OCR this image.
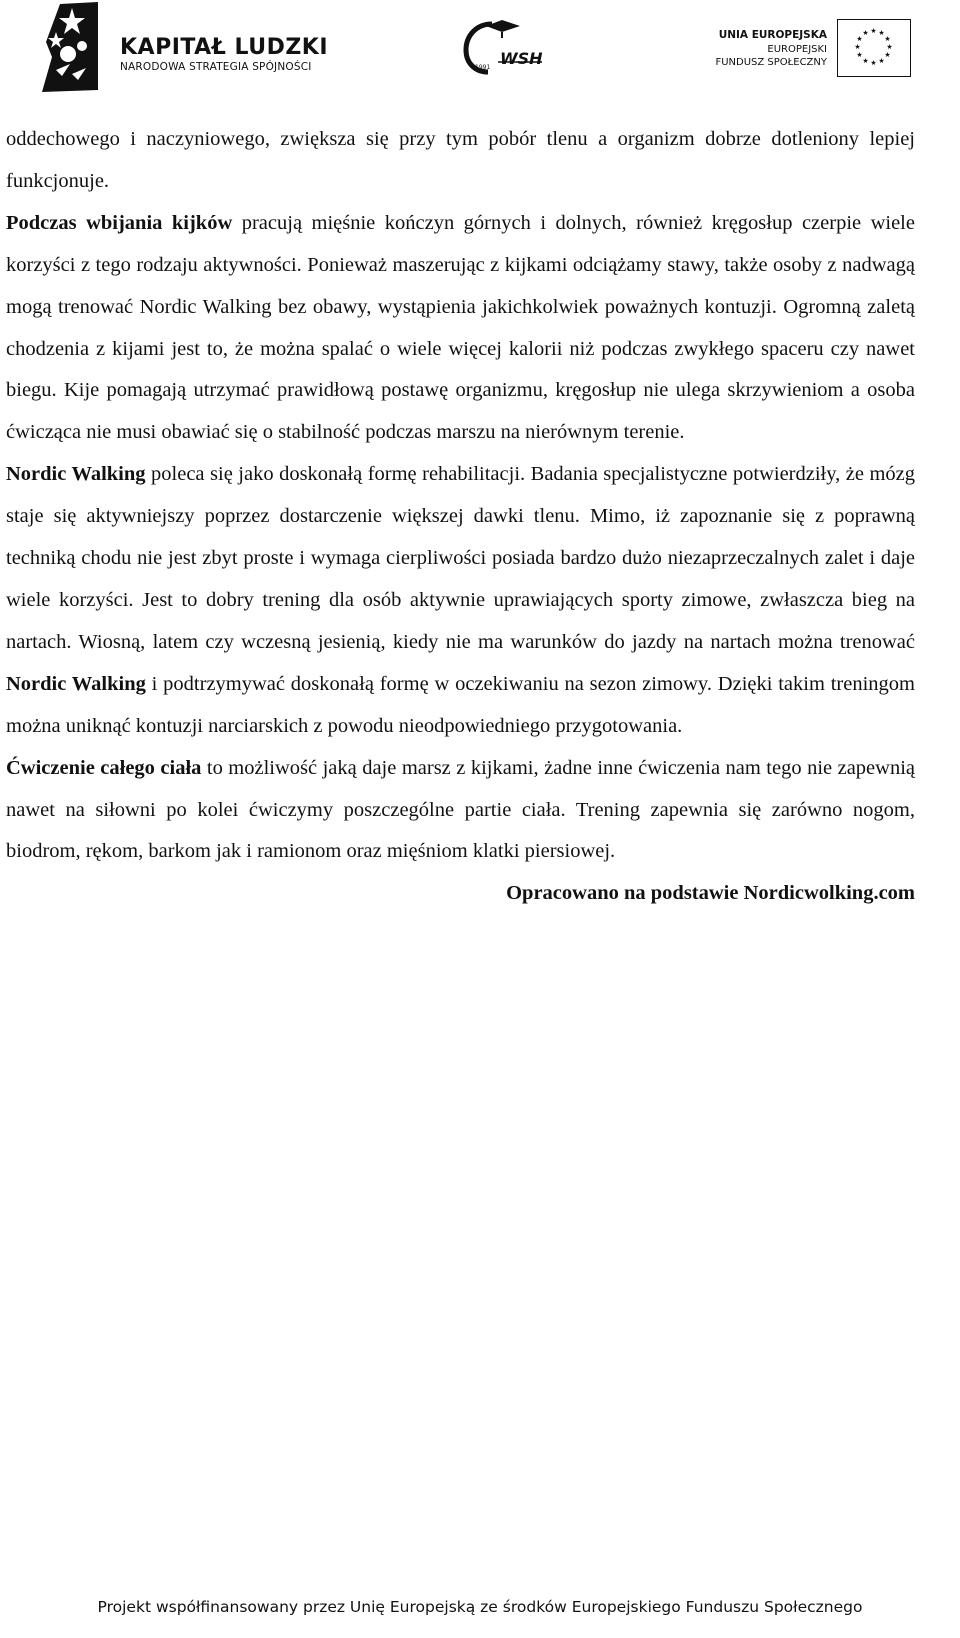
KAPITAŁ LUDZKI
NARODOWA STRATEGIA SPÓJNOŚCI	1991 WSH
UNIA EUROPEJSKA
EUROPEJSKI
FUNDUSZ SPOŁECZNY
★ ★
★
★
★
★
★
★
★
★
★
★

oddechowego i naczyniowego, zwiększa się przy tym pobór tlenu a organizm dobrze dotleniony lepiej funkcjonuje.

Podczas wbijania kijków pracują mięśnie kończyn górnych i dolnych, również kręgosłup czerpie wiele korzyści z tego rodzaju aktywności. Ponieważ maszerując z kijkami odciążamy stawy, także osoby z nadwagą mogą trenować Nordic Walking bez obawy, wystąpienia jakichkolwiek poważnych kontuzji. Ogromną zaletą chodzenia z kijami jest to, że można spalać o wiele więcej kalorii niż podczas zwykłego spaceru czy nawet biegu. Kije pomagają utrzymać prawidłową postawę organizmu, kręgosłup nie ulega skrzywieniom a osoba ćwicząca nie musi obawiać się o stabilność podczas marszu na nierównym terenie.

Nordic Walking poleca się jako doskonałą formę rehabilitacji. Badania specjalistyczne potwierdziły, że mózg staje się aktywniejszy poprzez dostarczenie większej dawki tlenu. Mimo, iż zapoznanie się z poprawną techniką chodu nie jest zbyt proste i wymaga cierpliwości posiada bardzo dużo niezaprzeczalnych zalet i daje wiele korzyści. Jest to dobry trening dla osób aktywnie uprawiających sporty zimowe, zwłaszcza bieg na nartach. Wiosną, latem czy wczesną jesienią, kiedy nie ma warunków do jazdy na nartach można trenować Nordic Walking i podtrzymywać doskonałą formę w oczekiwaniu na sezon zimowy. Dzięki takim treningom można uniknąć kontuzji narciarskich z powodu nieodpowiedniego przygotowania.

Ćwiczenie całego ciała to możliwość jaką daje marsz z kijkami, żadne inne ćwiczenia nam tego nie zapewnią nawet na siłowni po kolei ćwiczymy poszczególne partie ciała. Trening zapewnia się zarówno nogom, biodrom, rękom, barkom jak i ramionom oraz mięśniom klatki piersiowej.

Opracowano na podstawie Nordicwolking.com

Projekt współfinansowany przez Unię Europejską ze środków Europejskiego Funduszu Społecznego
